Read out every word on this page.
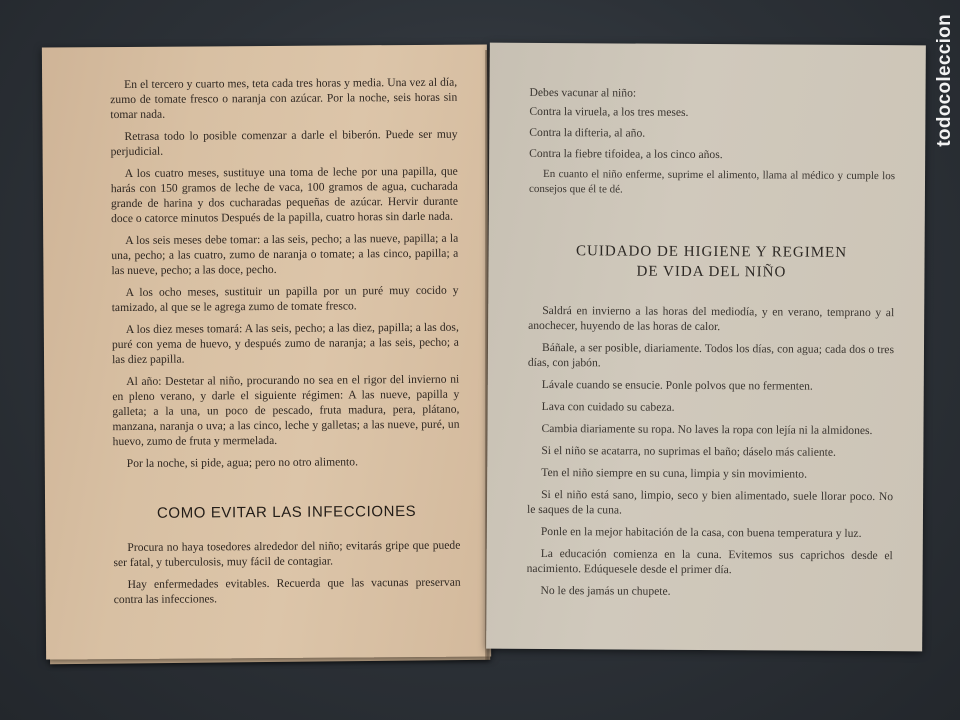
En el tercero y cuarto mes, teta cada tres horas y media. Una vez al día, zumo de tomate fresco o naranja con azúcar. Por la noche, seis horas sin tomar nada.

Retrasa todo lo posible comenzar a darle el biberón. Puede ser muy perjudicial.

A los cuatro meses, sustituye una toma de leche por una papilla, que harás con 150 gramos de leche de vaca, 100 gramos de agua, cucharada grande de harina y dos cucharadas pequeñas de azúcar. Hervir durante doce o catorce minutos Después de la papilla, cuatro horas sin darle nada.

A los seis meses debe tomar: a las seis, pecho; a las nueve, papilla; a la una, pecho; a las cuatro, zumo de naranja o tomate; a las cinco, papilla; a las nueve, pecho; a las doce, pecho.

A los ocho meses, sustituir un papilla por un puré muy cocido y tamizado, al que se le agrega zumo de tomate fresco.

A los diez meses tomará: A las seis, pecho; a las diez, papilla; a las dos, puré con yema de huevo, y después zumo de naranja; a las seis, pecho; a las diez papilla.

Al año: Destetar al niño, procurando no sea en el rigor del invierno ni en pleno verano, y darle el siguiente régimen: A las nueve, papilla y galleta; a la una, un poco de pescado, fruta madura, pera, plátano, manzana, naranja o uva; a las cinco, leche y galletas; a las nueve, puré, un huevo, zumo de fruta y mermelada.

Por la noche, si pide, agua; pero no otro alimento.

COMO EVITAR LAS INFECCIONES

Procura no haya tosedores alrededor del niño; evitarás gripe que puede ser fatal, y tuberculosis, muy fácil de contagiar.

Hay enfermedades evitables. Recuerda que las vacunas preservan contra las infecciones.

Debes vacunar al niño:

Contra la viruela, a los tres meses.

Contra la difteria, al año.

Contra la fiebre tifoidea, a los cinco años.

En cuanto el niño enferme, suprime el alimento, llama al médico y cumple los consejos que él te dé.

CUIDADO DE HIGIENE Y REGIMEN
DE VIDA DEL NIÑO

Saldrá en invierno a las horas del mediodía, y en verano, temprano y al anochecer, huyendo de las horas de calor.

Báñale, a ser posible, diariamente. Todos los días, con agua; cada dos o tres días, con jabón.

Lávale cuando se ensucie. Ponle polvos que no fermenten.

Lava con cuidado su cabeza.

Cambia diariamente su ropa. No laves la ropa con lejía ni la almidones.

Si el niño se acatarra, no suprimas el baño; dáselo más caliente.

Ten el niño siempre en su cuna, limpia y sin movimiento.

Si el niño está sano, limpio, seco y bien alimentado, suele llorar poco. No le saques de la cuna.

Ponle en la mejor habitación de la casa, con buena temperatura y luz.

La educación comienza en la cuna. Evitemos sus caprichos desde el nacimiento. Edúquesele desde el primer día.

No le des jamás un chupete.

todocoleccion
